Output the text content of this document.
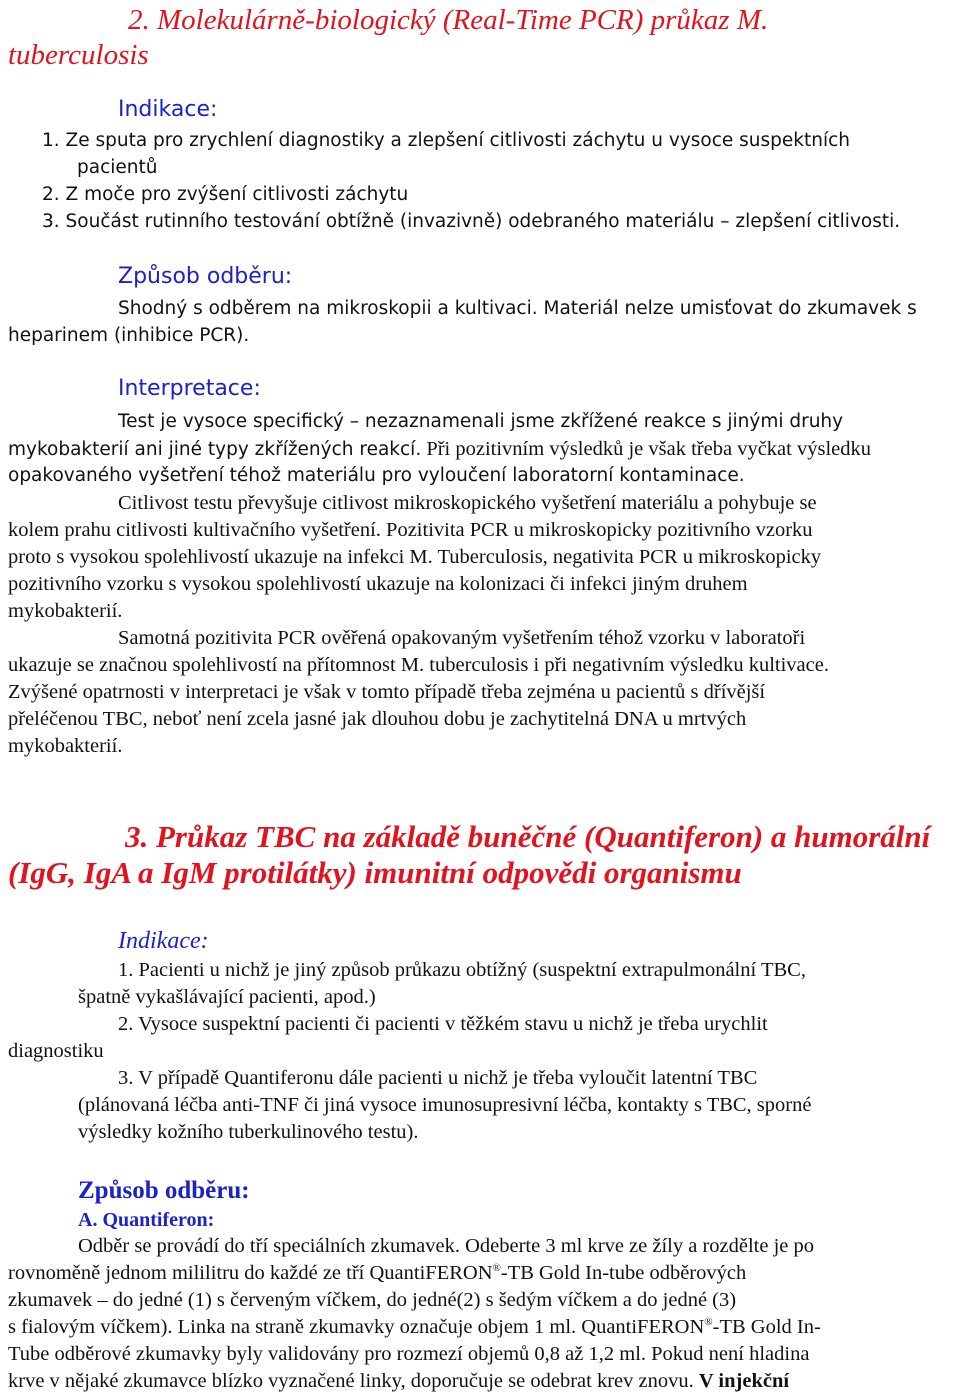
2. Molekulárně-biologický (Real-Time PCR) průkaz M.
tuberculosis
Indikace:
1. Ze sputa pro zrychlení diagnostiky a zlepšení citlivosti záchytu u vysoce suspektních
pacientů
2. Z moče pro zvýšení citlivosti záchytu
3. Součást rutinního testování obtížně (invazivně) odebraného materiálu – zlepšení citlivosti.
Způsob odběru:
Shodný s odběrem na mikroskopii a kultivaci. Materiál nelze umisťovat do zkumavek s
heparinem (inhibice PCR).
Interpretace:
Test je vysoce specifický – nezaznamenali jsme zkřížené reakce s jinými druhy
mykobakterií ani jiné typy zkřížených reakcí. Při pozitivním výsledků je však třeba vyčkat výsledku
opakovaného vyšetření téhož materiálu pro vyloučení laboratorní kontaminace.
Citlivost testu převyšuje citlivost mikroskopického vyšetření materiálu a pohybuje se
kolem prahu citlivosti kultivačního vyšetření. Pozitivita PCR u mikroskopicky pozitivního vzorku
proto s vysokou spolehlivostí ukazuje na infekci M. Tuberculosis, negativita PCR u mikroskopicky
pozitivního vzorku s vysokou spolehlivostí ukazuje na kolonizaci či infekci jiným druhem
mykobakterií.
Samotná pozitivita PCR ověřená opakovaným vyšetřením téhož vzorku v laboratoři
ukazuje se značnou spolehlivostí na přítomnost M. tuberculosis i při negativním výsledku kultivace.
Zvýšené opatrnosti v interpretaci je však v tomto případě třeba zejména u pacientů s dřívější
přeléčenou TBC, neboť není zcela jasné jak dlouhou dobu je zachytitelná DNA u mrtvých
mykobakterií.
3. Průkaz TBC na základě buněčné (Quantiferon) a humorální
(IgG, IgA a IgM protilátky) imunitní odpovědi organismu
Indikace:
1. Pacienti u nichž je jiný způsob průkazu obtížný (suspektní extrapulmonální TBC,
špatně vykašlávající pacienti, apod.)
2. Vysoce suspektní pacienti či pacienti v těžkém stavu u nichž je třeba urychlit
diagnostiku
3. V případě Quantiferonu dále pacienti u nichž je třeba vyloučit latentní TBC
(plánovaná léčba anti-TNF či jiná vysoce imunosupresivní léčba, kontakty s TBC, sporné
výsledky kožního tuberkulinového testu).
Způsob odběru:
A. Quantiferon:
Odběr se provádí do tří speciálních zkumavek. Odeberte 3 ml krve ze žíly a rozdělte je po
rovnoměně jednom mililitru do každé ze tří QuantiFERON®-TB Gold In-tube odběrových
zkumavek – do jedné (1) s červeným víčkem, do jedné(2) s šedým víčkem a do jedné (3)
s fialovým víčkem). Linka na straně zkumavky označuje objem 1 ml. QuantiFERON®-TB Gold In-
Tube odběrové zkumavky byly validovány pro rozmezí objemů 0,8 až 1,2 ml. Pokud není hladina
krve v nějaké zkumavce blízko vyznačené linky, doporučuje se odebrat krev znovu. V injekční
